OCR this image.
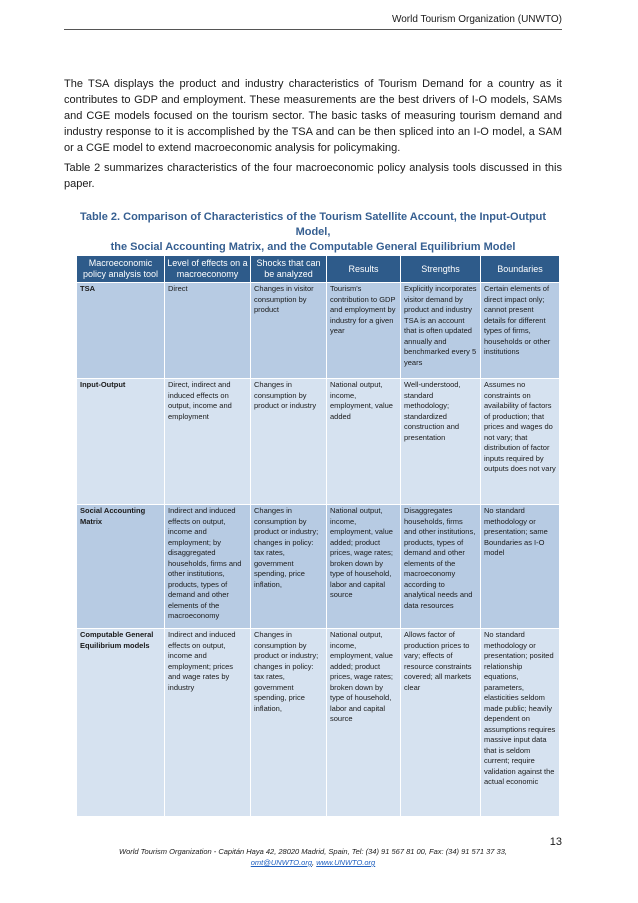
World Tourism Organization (UNWTO)

The TSA displays the product and industry characteristics of Tourism Demand for a country as it contributes to GDP and employment. These measurements are the best drivers of I-O models, SAMs and CGE models focused on the tourism sector. The basic tasks of measuring tourism demand and industry response to it is accomplished by the TSA and can be then spliced into an I-O model, a SAM or a CGE model to extend macroeconomic analysis for policymaking.

Table 2 summarizes characteristics of the four macroeconomic policy analysis tools discussed in this paper.

Table 2. Comparison of Characteristics of the Tourism Satellite Account, the Input-Output Model,
the Social Accounting Matrix, and the Computable General Equilibrium Model
Macroeconomic policy analysis tool	Level of effects on a macroeconomy	Shocks that can be analyzed	Results	Strengths	Boundaries
TSA	Direct	Changes in visitor consumption by product	Tourism's contribution to GDP and employment by industry for a given year	Explicitly incorporates visitor demand by product and industry TSA is an account that is often updated annually and benchmarked every 5 years	Certain elements of direct impact only; cannot present details for different types of firms, households or other institutions
Input-Output	Direct, indirect and induced effects on output, income and employment	Changes in consumption by product or industry	National output, income, employment, value added	Well-understood, standard methodology; standardized construction and presentation	Assumes no constraints on availability of factors of production; that prices and wages do not vary; that distribution of factor inputs required by outputs does not vary
Social Accounting Matrix	Indirect and induced effects on output, income and employment; by disaggregated households, firms and other institutions, products, types of demand and other elements of the macroeconomy	Changes in consumption by product or industry; changes in policy: tax rates, government spending, price inflation,	National output, income, employment, value added; product prices, wage rates; broken down by type of household, labor and capital source	Disaggregates households, firms and other institutions, products, types of demand and other elements of the macroeconomy according to analytical needs and data resources	No standard methodology or presentation; same Boundaries as I-O model
Computable General Equilibrium models	Indirect and induced effects on output, income and employment; prices and wage rates by industry	Changes in consumption by product or industry; changes in policy: tax rates, government spending, price inflation,	National output, income, employment, value added; product prices, wage rates; broken down by type of household, labor and capital source	Allows factor of production prices to vary; effects of resource constraints covered; all markets clear	No standard methodology or presentation; posited relationship equations, parameters, elasticities seldom made public; heavily dependent on assumptions requires massive input data that is seldom current; require validation against the actual economic
13
World Tourism Organization - Capitán Haya 42, 28020 Madrid, Spain, Tel: (34) 91 567 81 00, Fax: (34) 91 571 37 33,
omt@UNWTO.org, www.UNWTO.org
